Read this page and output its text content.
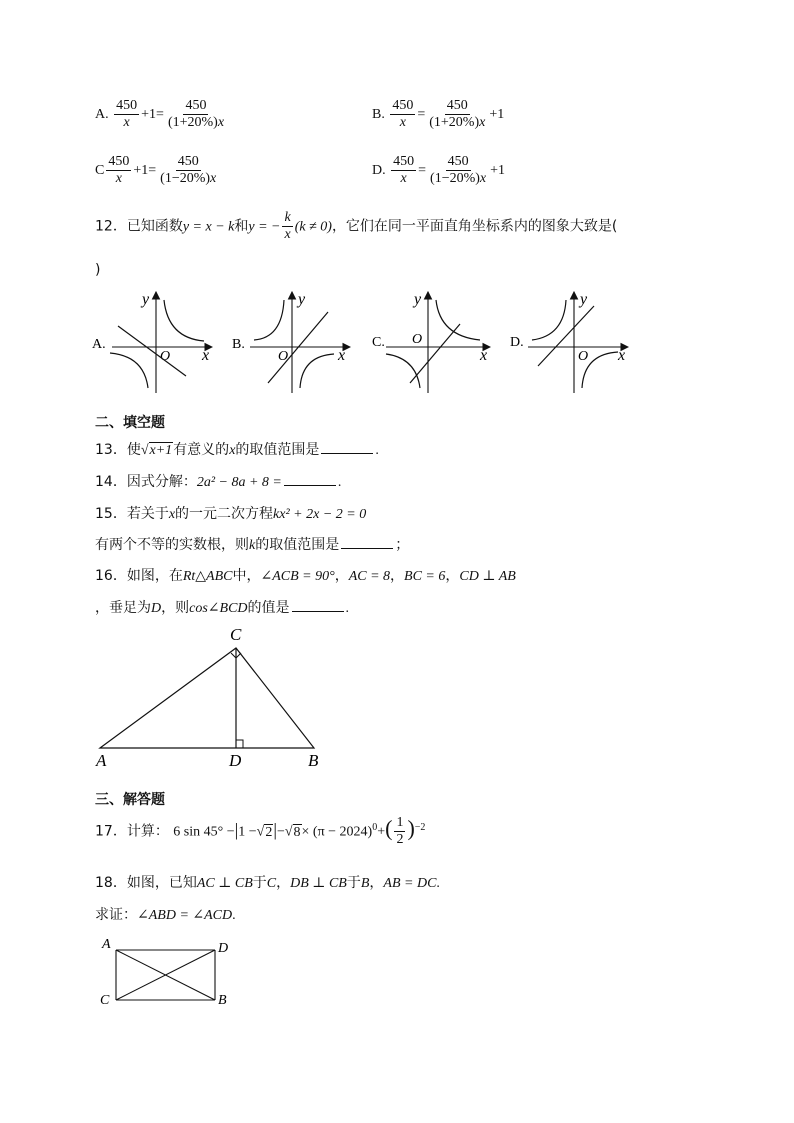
A. $\frac{450}{x} +1= \frac{450}{(1+20\%)x}$	B. $\frac{450}{x} = \frac{450}{(1+20\%)x} +1$
C $\frac{450}{x} +1= \frac{450}{(1-20\%)x}$	D. $\frac{450}{x} = \frac{450}{(1-20\%)x} +1$
12．已知函数y = x − k和y = − $\frac{k}{x} (k \ne 0)$，它们在同一平面直角坐标系内的图象大致是(
)
A.
y
x
O
B.
y
x
O
C.
y
x
O	D.
y
x
O
二、填空题
13．使√x+1有意义的x的取值范围是	.
14．因式分解：2a² − 8a + 8 =	.
15．若关于x的一元二次方程kx² + 2x − 2 = 0
有两个不等的实数根，则k的取值范围是	；
16．如图，在Rt△ABC中，∠ACB = 90°，AC = 8，BC = 6，CD ⊥ AB
，垂足为D，则cos∠BCD的值是	.
C
A	D	B
三、解答题
17．计算： 6 $\sin 45^\circ -|1 -√2|-√8\times (\pi - 2024)^0+( \frac{1}{2} )^{-2}$
18．如图，已知AC ⊥ CB于C，DB ⊥ CB于B，AB = DC.
求证：∠ABD = ∠ACD.
A	D
C	B
